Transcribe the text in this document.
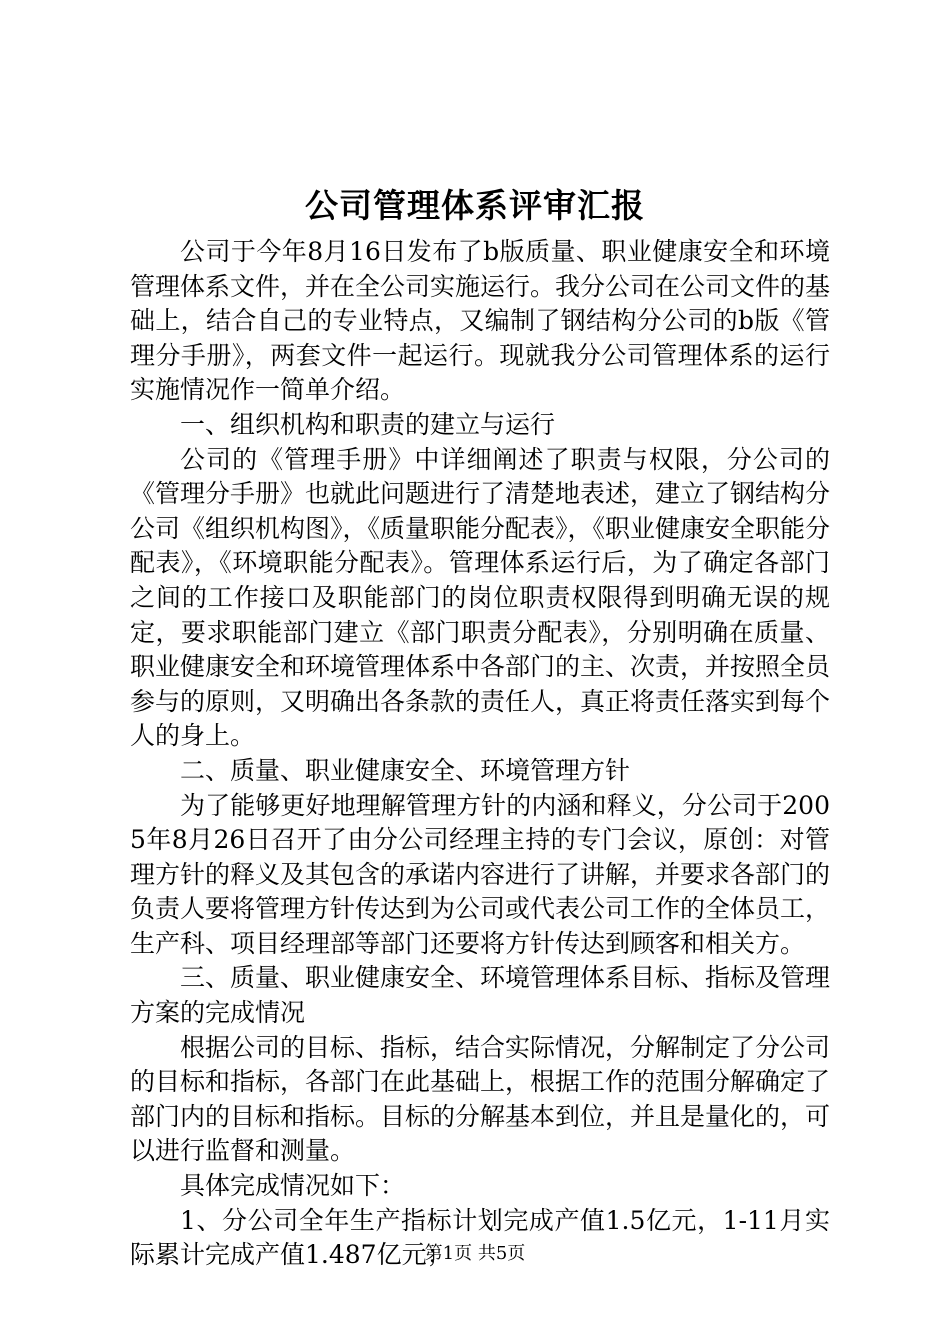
公司管理体系评审汇报

公司于今年8月16日发布了b版质量、职业健康安全和环境管理体系文件，并在全公司实施运行。我分公司在公司文件的基础上，结合自己的专业特点，又编制了钢结构分公司的b版《管理分手册》，两套文件一起运行。现就我分公司管理体系的运行实施情况作一简单介绍。

一、组织机构和职责的建立与运行

公司的《管理手册》中详细阐述了职责与权限，分公司的《管理分手册》也就此问题进行了清楚地表述，建立了钢结构分公司《组织机构图》，《质量职能分配表》，《职业健康安全职能分配表》，《环境职能分配表》。管理体系运行后，为了确定各部门之间的工作接口及职能部门的岗位职责权限得到明确无误的规定，要求职能部门建立《部门职责分配表》，分别明确在质量、职业健康安全和环境管理体系中各部门的主、次责，并按照全员参与的原则，又明确出各条款的责任人，真正将责任落实到每个人的身上。

二、质量、职业健康安全、环境管理方针

为了能够更好地理解管理方针的内涵和释义，分公司于2005年8月26日召开了由分公司经理主持的专门会议，原创：对管理方针的释义及其包含的承诺内容进行了讲解，并要求各部门的负责人要将管理方针传达到为公司或代表公司工作的全体员工，生产科、项目经理部等部门还要将方针传达到顾客和相关方。

三、质量、职业健康安全、环境管理体系目标、指标及管理方案的完成情况

根据公司的目标、指标，结合实际情况，分解制定了分公司的目标和指标，各部门在此基础上，根据工作的范围分解确定了部门内的目标和指标。目标的分解基本到位，并且是量化的，可以进行监督和测量。

具体完成情况如下：

1、分公司全年生产指标计划完成产值1.5亿元，1-11月实际累计完成产值1.487亿元；

第1页 共5页
